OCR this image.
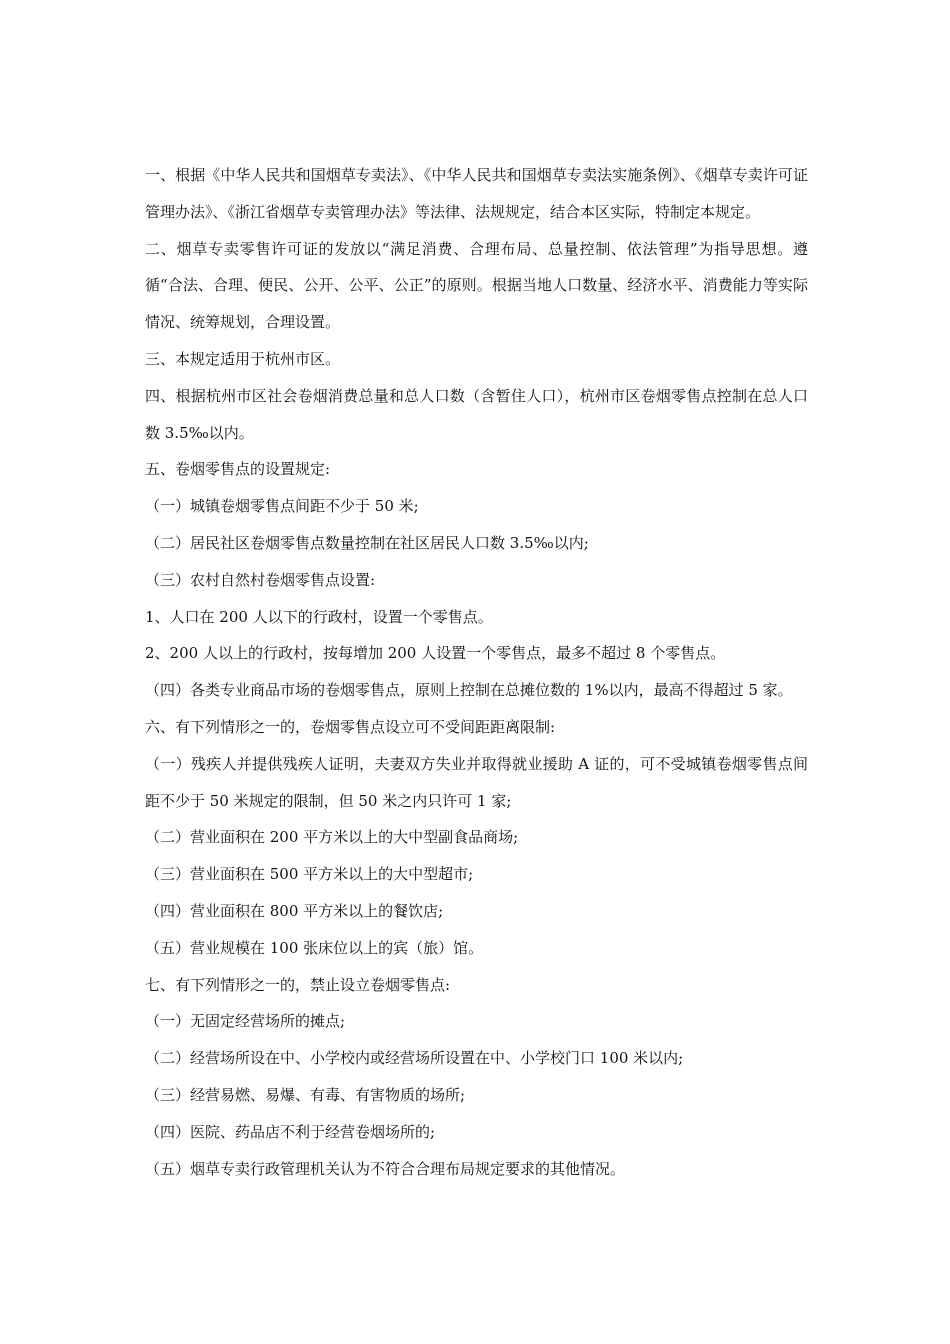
一、根据《中华人民共和国烟草专卖法》、《中华人民共和国烟草专卖法实施条例》、《烟草专卖许可证管理办法》、《浙江省烟草专卖管理办法》等法律、法规规定，结合本区实际，特制定本规定。

二、烟草专卖零售许可证的发放以“满足消费、合理布局、总量控制、依法管理”为指导思想。遵循“合法、合理、便民、公开、公平、公正”的原则。根据当地人口数量、经济水平、消费能力等实际情况、统筹规划，合理设置。

三、本规定适用于杭州市区。

四、根据杭州市区社会卷烟消费总量和总人口数（含暂住人口），杭州市区卷烟零售点控制在总人口数 3.5‰以内。

五、卷烟零售点的设置规定:

（一）城镇卷烟零售点间距不少于 50 米;

（二）居民社区卷烟零售点数量控制在社区居民人口数 3.5‰以内;

（三）农村自然村卷烟零售点设置:

1、人口在 200 人以下的行政村，设置一个零售点。

2、200 人以上的行政村，按每增加 200 人设置一个零售点，最多不超过 8 个零售点。

（四）各类专业商品市场的卷烟零售点，原则上控制在总摊位数的 1%以内，最高不得超过 5 家。

六、有下列情形之一的，卷烟零售点设立可不受间距距离限制:

（一）残疾人并提供残疾人证明，夫妻双方失业并取得就业援助 A 证的，可不受城镇卷烟零售点间距不少于 50 米规定的限制，但 50 米之内只许可 1 家;

（二）营业面积在 200 平方米以上的大中型副食品商场;

（三）营业面积在 500 平方米以上的大中型超市;

（四）营业面积在 800 平方米以上的餐饮店;

（五）营业规模在 100 张床位以上的宾（旅）馆。

七、有下列情形之一的，禁止设立卷烟零售点:

（一）无固定经营场所的摊点;

（二）经营场所设在中、小学校内或经营场所设置在中、小学校门口 100 米以内;

（三）经营易燃、易爆、有毒、有害物质的场所;

（四）医院、药品店不利于经营卷烟场所的;

（五）烟草专卖行政管理机关认为不符合合理布局规定要求的其他情况。
